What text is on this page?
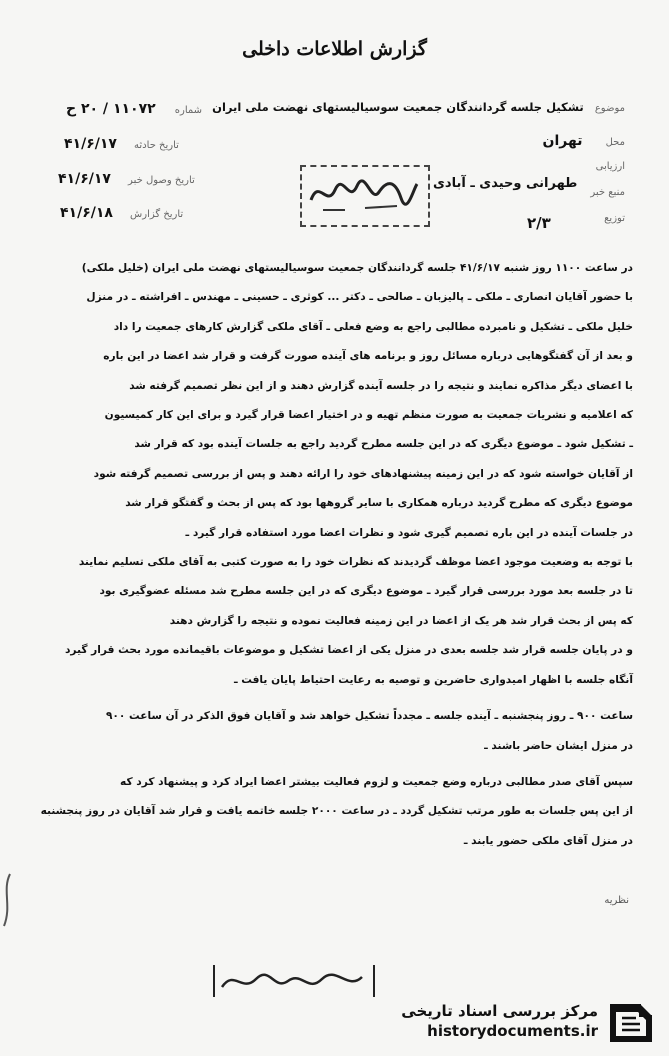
گزارش اطلاعات داخلی
موضوع تشکیل جلسه گردانندگان جمعیت سوسیالیستهای نهضت ملی ایران
محل تهران
ارزیابی
منبع خبر
توزیع
طهرانی وحیدی ـ آبادی
۲/۳
شماره ۱۱۰۷۲ / ۲۰ ح
تاریخ حادثه ۴۱/۶/۱۷
تاریخ وصول خبر ۴۱/۶/۱۷
تاریخ گزارش ۴۱/۶/۱۸

در ساعت ۱۱۰۰ روز شنبه ۴۱/۶/۱۷ جلسه گردانندگان جمعیت سوسیالیستهای نهضت ملی ایران (خلیل ملکی)

با حضور آقایان انصاری ـ ملکی ـ پالیزبان ـ صالحی ـ دکتر ... کوثری ـ حسینی ـ مهندس ـ افراشته ـ در منزل

خلیل ملکی ـ تشکیل و نامبرده مطالبی راجع به وضع فعلی ـ آقای ملکی گزارش کارهای جمعیت را داد

و بعد از آن گفتگوهایی درباره مسائل روز و برنامه های آینده صورت گرفت و قرار شد اعضا در این باره

با اعضای دیگر مذاکره نمایند و نتیجه را در جلسه آینده گزارش دهند و از این نظر تصمیم گرفته شد

که اعلامیه و نشریات جمعیت به صورت منظم تهیه و در اختیار اعضا قرار گیرد و برای این کار کمیسیون

ـ تشکیل شود ـ موضوع دیگری که در این جلسه مطرح گردید راجع به جلسات آینده بود که قرار شد

از آقایان خواسته شود که در این زمینه پیشنهادهای خود را ارائه دهند و پس از بررسی تصمیم گرفته شود

موضوع دیگری که مطرح گردید درباره همکاری با سایر گروهها بود که پس از بحث و گفتگو قرار شد

در جلسات آینده در این باره تصمیم گیری شود و نظرات اعضا مورد استفاده قرار گیرد ـ

با توجه به وضعیت موجود اعضا موظف گردیدند که نظرات خود را به صورت کتبی به آقای ملکی تسلیم نمایند

تا در جلسه بعد مورد بررسی قرار گیرد ـ موضوع دیگری که در این جلسه مطرح شد مسئله عضوگیری بود

که پس از بحث قرار شد هر یک از اعضا در این زمینه فعالیت نموده و نتیجه را گزارش دهند

و در پایان جلسه قرار شد جلسه بعدی در منزل یکی از اعضا تشکیل و موضوعات باقیمانده مورد بحث قرار گیرد

آنگاه جلسه با اظهار امیدواری حاضرین و توصیه به رعایت احتیاط پایان یافت ـ

ساعت ۹۰۰ ـ روز پنجشنبه ـ آینده جلسه ـ مجدداً تشکیل خواهد شد و آقایان فوق الذکر در آن ساعت ۹۰۰

در منزل ایشان حاضر باشند ـ

سپس آقای صدر مطالبی درباره وضع جمعیت و لزوم فعالیت بیشتر اعضا ایراد کرد و پیشنهاد کرد که

از این پس جلسات به طور مرتب تشکیل گردد ـ در ساعت ۲۰۰۰ جلسه خاتمه یافت و قرار شد آقایان در روز پنجشنبه

در منزل آقای ملکی حضور یابند ـ

نظریه
مرکز بررسی اسناد تاریخی
historydocuments.ir
